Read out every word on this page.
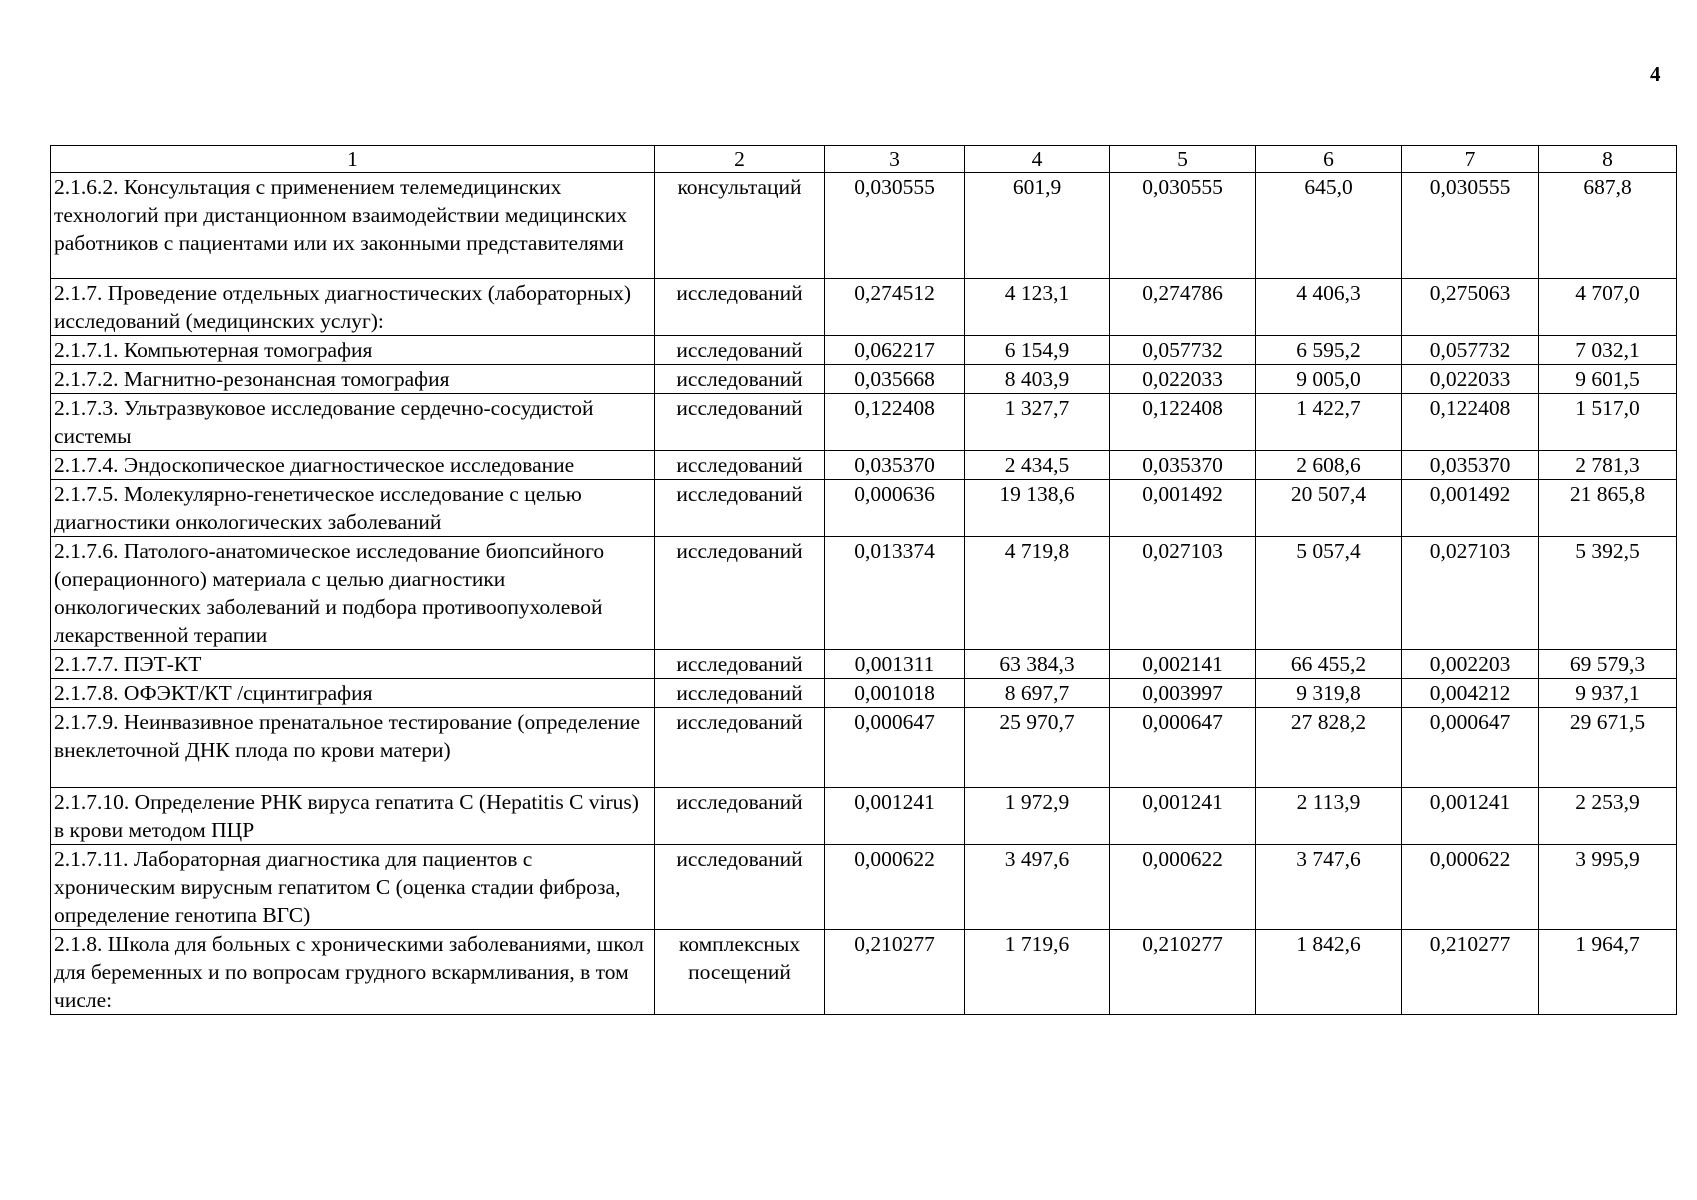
4
1	2	3	4	5	6	7	8
2.1.6.2. Консультация с применением телемедицинских технологий при дистанционном взаимодействии медицинских работников с пациентами или их законными представителями	консультаций	0,030555	601,9	0,030555	645,0	0,030555	687,8
2.1.7. Проведение отдельных диагностических (лабораторных) исследований (медицинских услуг):	исследований	0,274512	4 123,1	0,274786	4 406,3	0,275063	4 707,0
2.1.7.1. Компьютерная томография	исследований	0,062217	6 154,9	0,057732	6 595,2	0,057732	7 032,1
2.1.7.2. Магнитно-резонансная томография	исследований	0,035668	8 403,9	0,022033	9 005,0	0,022033	9 601,5
2.1.7.3. Ультразвуковое исследование сердечно-сосудистой системы	исследований	0,122408	1 327,7	0,122408	1 422,7	0,122408	1 517,0
2.1.7.4. Эндоскопическое диагностическое исследование	исследований	0,035370	2 434,5	0,035370	2 608,6	0,035370	2 781,3
2.1.7.5. Молекулярно-генетическое исследование с целью диагностики онкологических заболеваний	исследований	0,000636	19 138,6	0,001492	20 507,4	0,001492	21 865,8
2.1.7.6. Патолого-анатомическое исследование биопсийного (операционного) материала с целью диагностики онкологических заболеваний и подбора противоопухолевой лекарственной терапии	исследований	0,013374	4 719,8	0,027103	5 057,4	0,027103	5 392,5
2.1.7.7. ПЭТ-КТ	исследований	0,001311	63 384,3	0,002141	66 455,2	0,002203	69 579,3
2.1.7.8. ОФЭКТ/КТ /сцинтиграфия	исследований	0,001018	8 697,7	0,003997	9 319,8	0,004212	9 937,1
2.1.7.9. Неинвазивное пренатальное тестирование (определение внеклеточной ДНК плода по крови матери)	исследований	0,000647	25 970,7	0,000647	27 828,2	0,000647	29 671,5
2.1.7.10. Определение РНК вируса гепатита С (Hepatitis C virus) в крови методом ПЦР	исследований	0,001241	1 972,9	0,001241	2 113,9	0,001241	2 253,9
2.1.7.11. Лабораторная диагностика для пациентов с хроническим вирусным гепатитом С (оценка стадии фиброза, определение генотипа ВГС)	исследований	0,000622	3 497,6	0,000622	3 747,6	0,000622	3 995,9
2.1.8. Школа для больных с хроническими заболеваниями, школ для беременных и по вопросам грудного вскармливания, в том числе:	комплексных посещений	0,210277	1 719,6	0,210277	1 842,6	0,210277	1 964,7
